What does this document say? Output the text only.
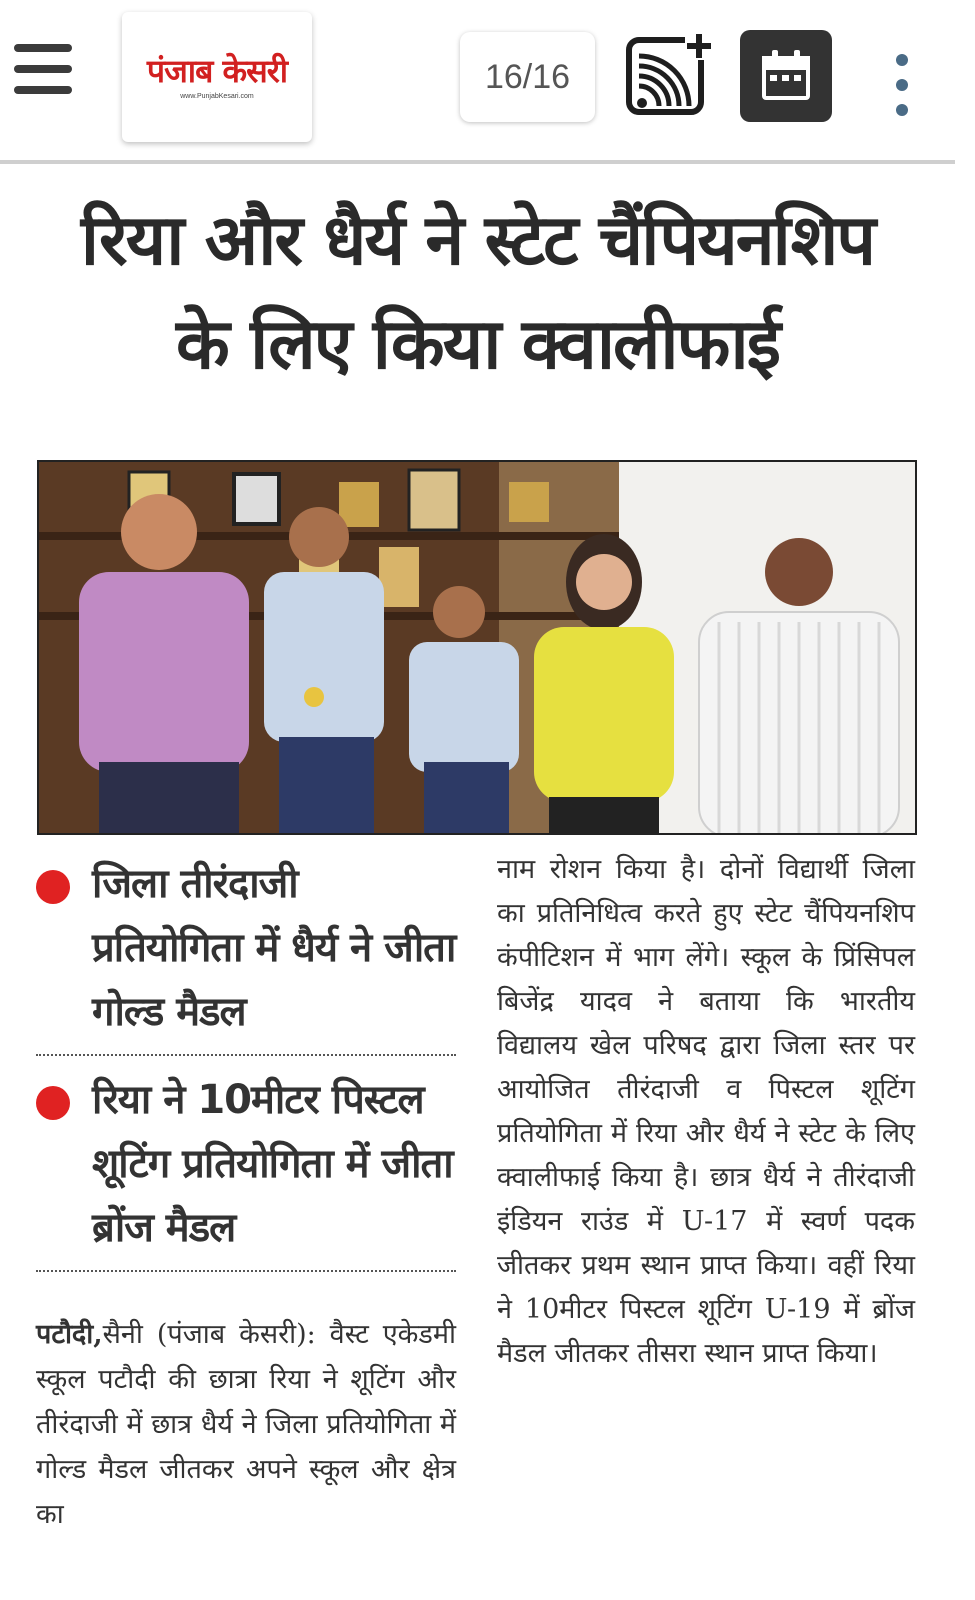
पंजाब केसरी
www.PunjabKesari.com
16/16
रिया और धैर्य ने स्टेट चैंपियनशिप
के लिए किया क्वालीफाई
जिला तीरंदाजी प्रतियोगिता में धैर्य ने जीता गोल्ड मैडल
रिया ने 10मीटर पिस्टल शूटिंग प्रतियोगिता में जीता ब्रोंज मैडल
पटौदी,सैनी (पंजाब केसरी): वैस्ट एकेडमी स्कूल पटौदी की छात्रा रिया ने शूटिंग और तीरंदाजी में छात्र धैर्य ने जिला प्रतियोगिता में गोल्ड मैडल जीतकर अपने स्कूल और क्षेत्र का
नाम रोशन किया है। दोनों विद्यार्थी जिला का प्रतिनिधित्व करते हुए स्टेट चैंपियनशिप कंपीटिशन में भाग लेंगे। स्कूल के प्रिंसिपल बिजेंद्र यादव ने बताया कि भारतीय विद्यालय खेल परिषद द्वारा जिला स्तर पर आयोजित तीरंदाजी व पिस्टल शूटिंग प्रतियोगिता में रिया और धैर्य ने स्टेट के लिए क्वालीफाई किया है। छात्र धैर्य ने तीरंदाजी इंडियन राउंड में U-17 में स्वर्ण पदक जीतकर प्रथम स्थान प्राप्त किया। वहीं रिया ने 10मीटर पिस्टल शूटिंग U-19 में ब्रोंज मैडल जीतकर तीसरा स्थान प्राप्त किया।
